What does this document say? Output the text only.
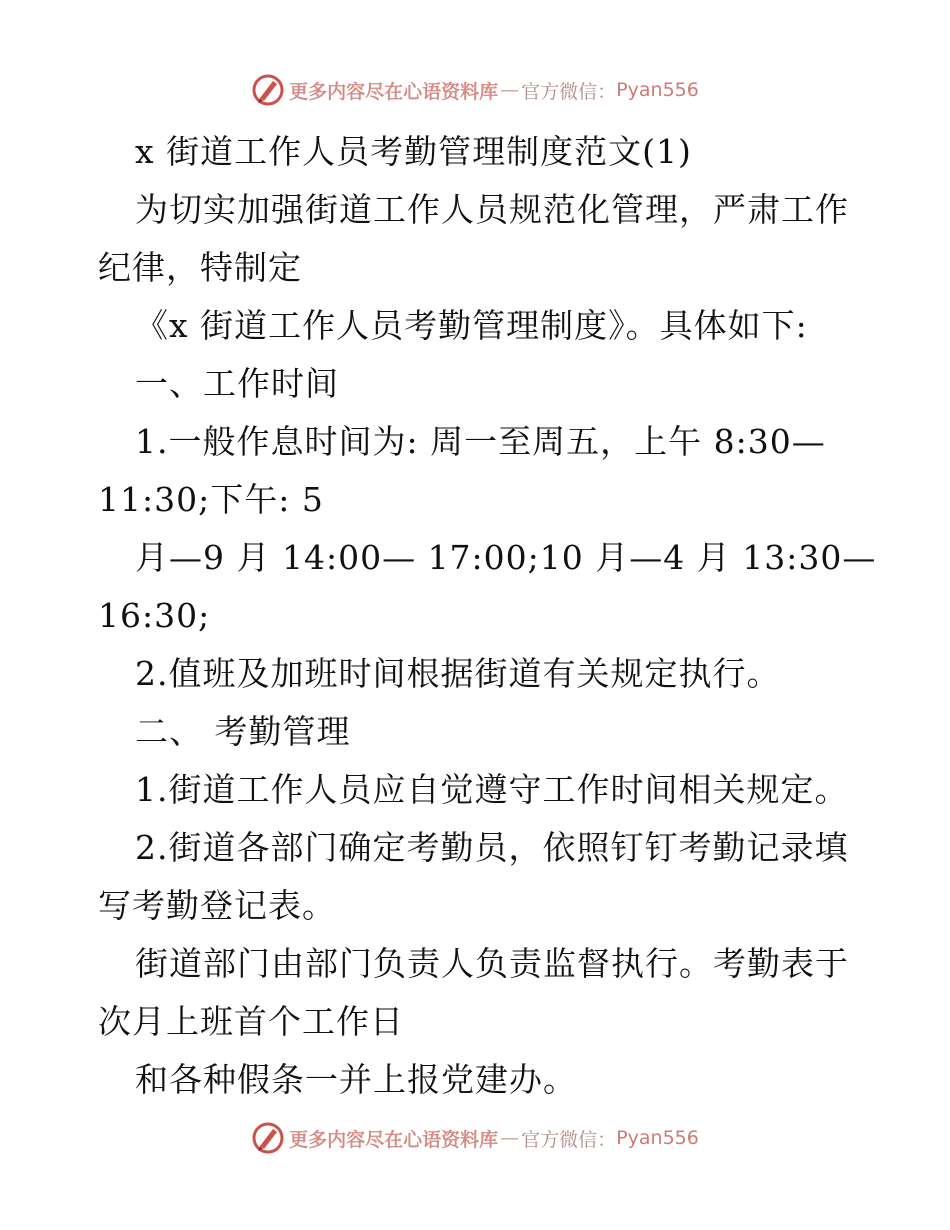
更多内容尽在心语资料库 — 官方微信： Pyan556
x 街道工作人员考勤管理制度范文(1)
为切实加强街道工作人员规范化管理，严肃工作
纪律，特制定
《x 街道工作人员考勤管理制度》。具体如下:
一、工作时间
1.一般作息时间为: 周一至周五，上午 8:30—
11:30;下午: 5
月—9 月 14:00— 17:00;10 月—4 月 13:30—
16:30;
2.值班及加班时间根据街道有关规定执行。
二、 考勤管理
1.街道工作人员应自觉遵守工作时间相关规定。
2.街道各部门确定考勤员，依照钉钉考勤记录填
写考勤登记表。
街道部门由部门负责人负责监督执行。考勤表于
次月上班首个工作日
和各种假条一并上报党建办。
更多内容尽在心语资料库 — 官方微信： Pyan556
